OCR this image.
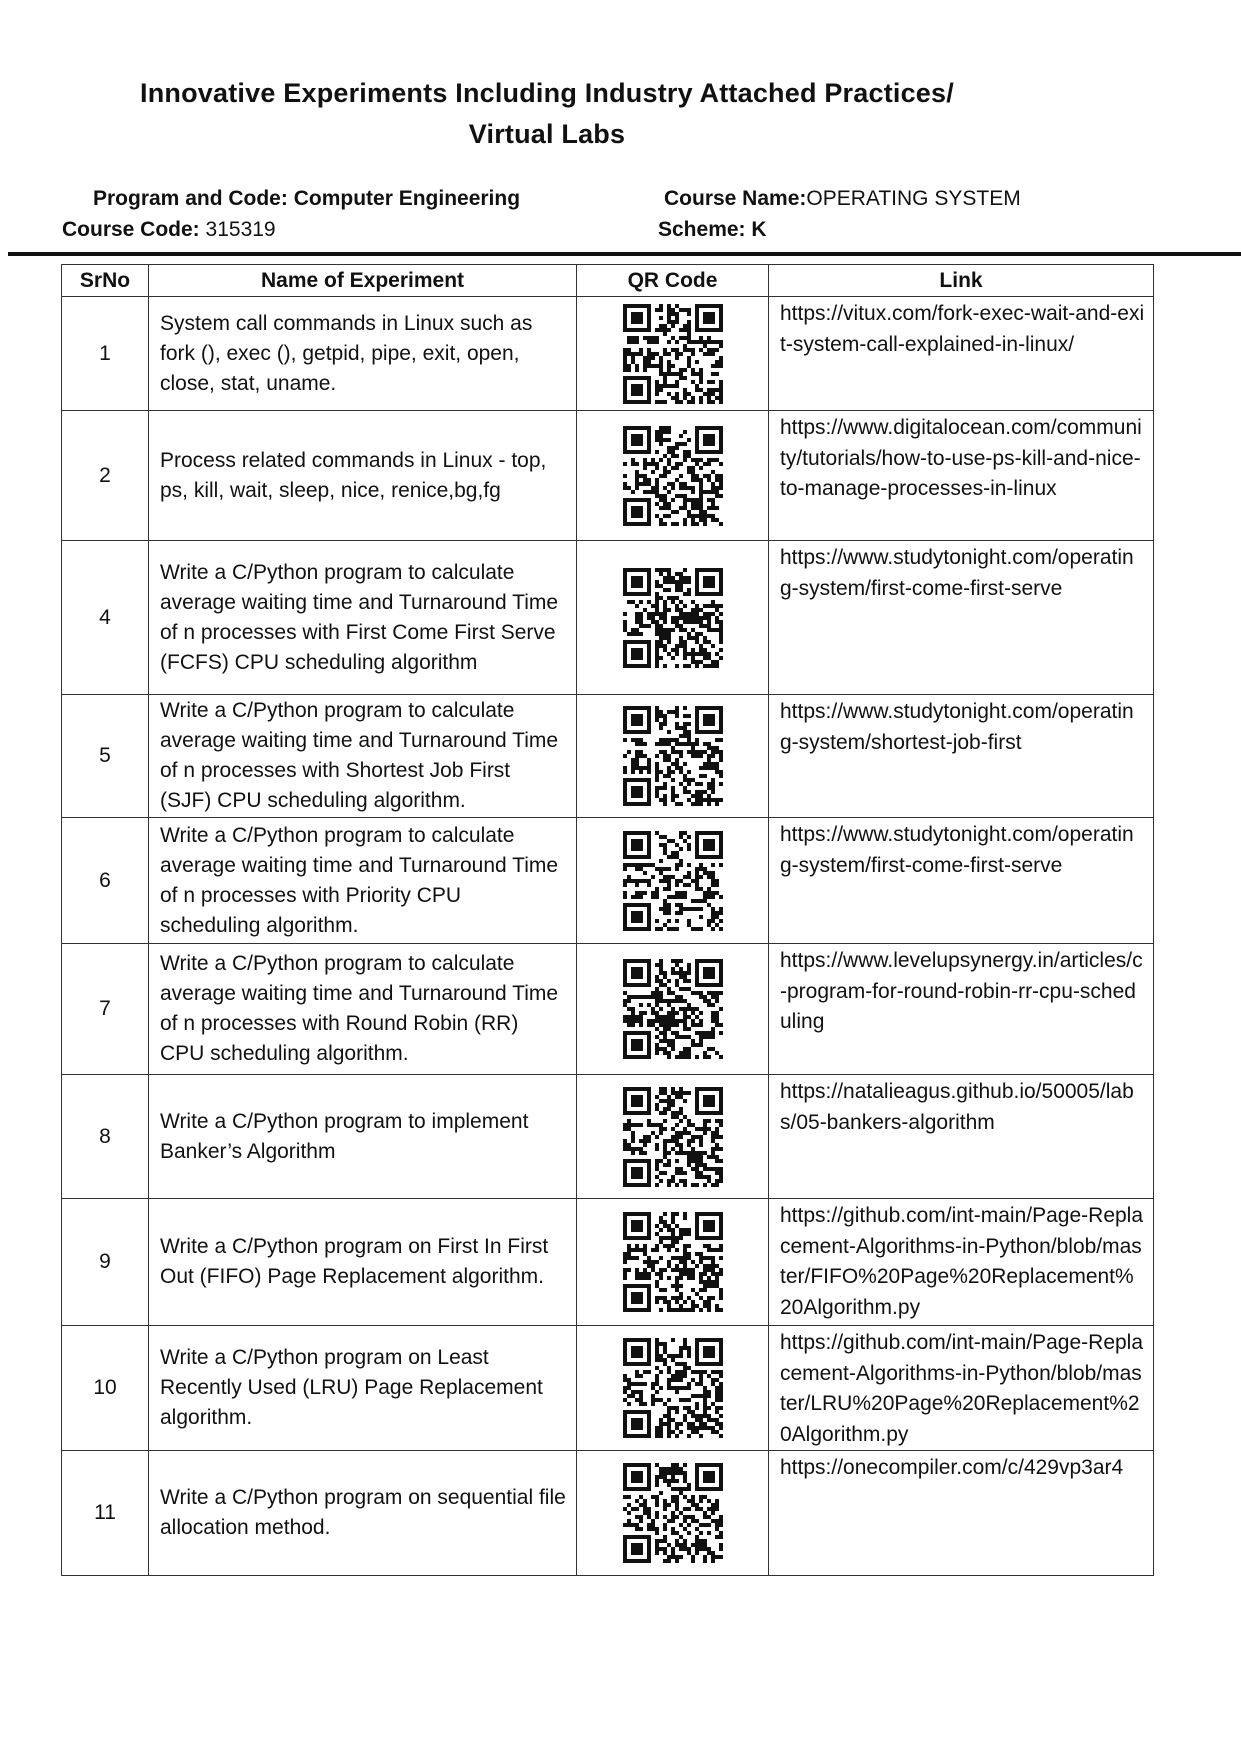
Innovative Experiments Including Industry Attached Practices/
Virtual Labs
Program and Code: Computer Engineering	Course Name:OPERATING SYSTEM
Course Code: 315319	Scheme: K
SrNo	Name of Experiment	QR Code	Link
1	System call commands in Linux such as fork (), exec (), getpid, pipe, exit, open, close, stat, uname.		https://vitux.com/fork-exec-wait-and-exit-system-call-explained-in-linux/
2	Process related commands in Linux - top, ps, kill, wait, sleep, nice, renice,bg,fg		https://www.digitalocean.com/community/tutorials/how-to-use-ps-kill-and-nice-to-manage-processes-in-linux
4	Write a C/Python program to calculate average waiting time and Turnaround Time of n processes with First Come First Serve (FCFS) CPU scheduling algorithm		https://www.studytonight.com/operating-system/first-come-first-serve
5	Write a C/Python program to calculate average waiting time and Turnaround Time of n processes with Shortest Job First (SJF) CPU scheduling algorithm.		https://www.studytonight.com/operating-system/shortest-job-first
6	Write a C/Python program to calculate average waiting time and Turnaround Time of n processes with Priority CPU scheduling algorithm.		https://www.studytonight.com/operating-system/first-come-first-serve
7	Write a C/Python program to calculate average waiting time and Turnaround Time of n processes with Round Robin (RR) CPU scheduling algorithm.		https://www.levelupsynergy.in/articles/c-program-for-round-robin-rr-cpu-scheduling
8	Write a C/Python program to implement Banker’s Algorithm		https://natalieagus.github.io/50005/labs/05-bankers-algorithm
9	Write a C/Python program on First In First Out (FIFO) Page Replacement algorithm.		https://github.com/int-main/Page-Replacement-Algorithms-in-Python/blob/master/FIFO%20Page%20Replacement%20Algorithm.py
10	Write a C/Python program on Least Recently Used (LRU) Page Replacement algorithm.		https://github.com/int-main/Page-Replacement-Algorithms-in-Python/blob/master/LRU%20Page%20Replacement%20Algorithm.py
11	Write a C/Python program on sequential file allocation method.		https://onecompiler.com/c/429vp3ar4
